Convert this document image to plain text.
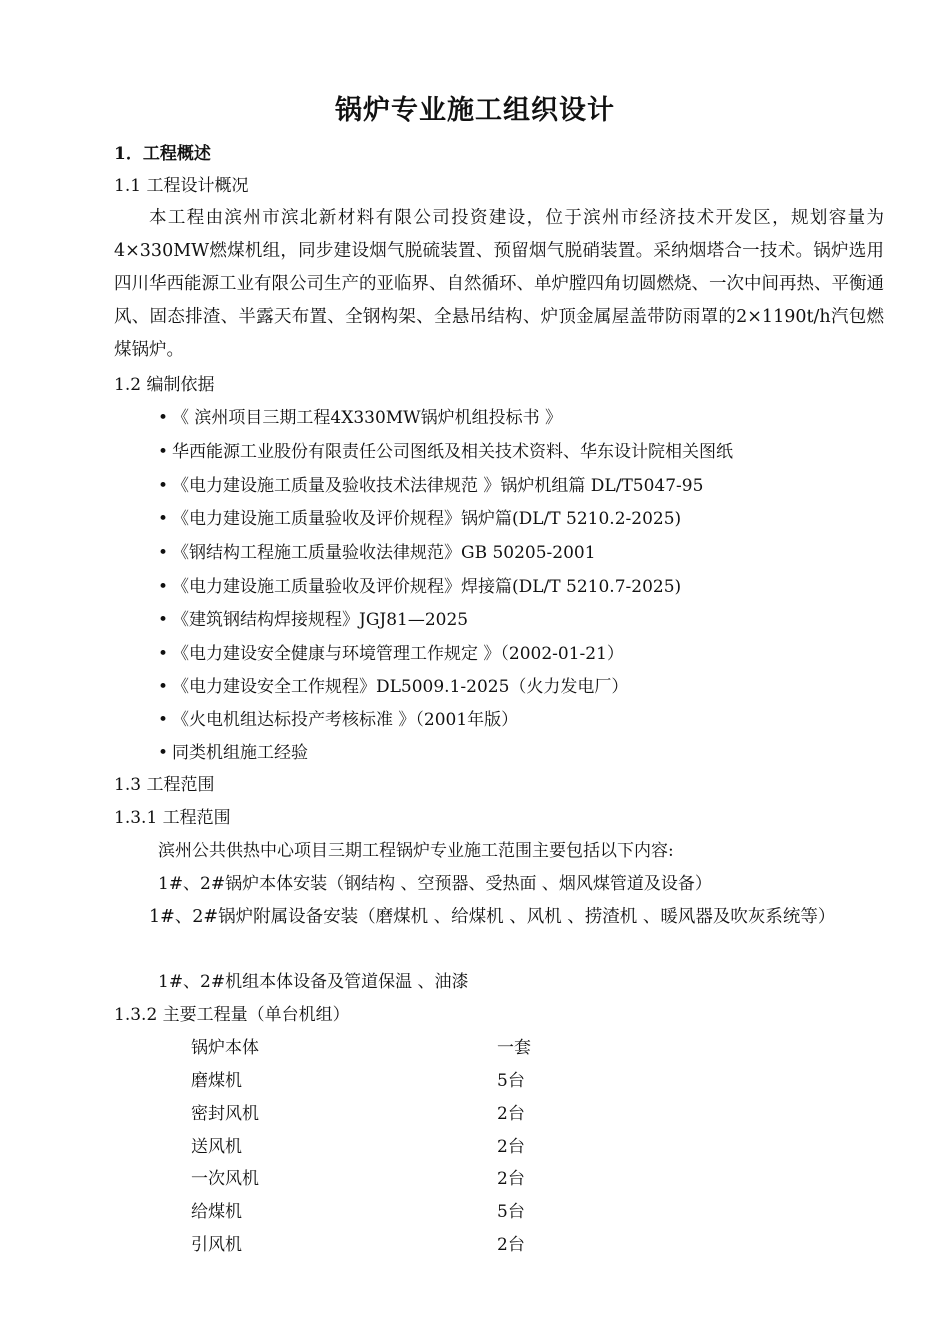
锅炉专业施工组织设计
1．工程概述
1.1 工程设计概况
本工程由滨州市滨北新材料有限公司投资建设，位于滨州市经济技术开发区，规划容量为4×330MW燃煤机组，同步建设烟气脱硫装置、预留烟气脱硝装置。采纳烟塔合一技术。锅炉选用四川华西能源工业有限公司生产的亚临界、自然循环、单炉膛四角切圆燃烧、一次中间再热、平衡通风、固态排渣、半露天布置、全钢构架、全悬吊结构、炉顶金属屋盖带防雨罩的2×1190t/h汽包燃煤锅炉。
1.2 编制依据
• 《 滨州项目三期工程4X330MW锅炉机组投标书 》
• 华西能源工业股份有限责任公司图纸及相关技术资料、华东设计院相关图纸
• 《电力建设施工质量及验收技术法律规范 》锅炉机组篇 DL/T5047-95
• 《电力建设施工质量验收及评价规程》锅炉篇(DL/T 5210.2-2025)
• 《钢结构工程施工质量验收法律规范》GB 50205-2001
• 《电力建设施工质量验收及评价规程》焊接篇(DL/T 5210.7-2025)
• 《建筑钢结构焊接规程》JGJ81—2025
• 《电力建设安全健康与环境管理工作规定 》（2002-01-21）
• 《电力建设安全工作规程》DL5009.1-2025（火力发电厂）
• 《火电机组达标投产考核标准 》（2001年版）
• 同类机组施工经验
1.3 工程范围
1.3.1 工程范围
滨州公共供热中心项目三期工程锅炉专业施工范围主要包括以下内容:
1#、2#锅炉本体安装（钢结构 、空预器、受热面 、烟风煤管道及设备）
1#、2#锅炉附属设备安装（磨煤机 、给煤机 、风机 、捞渣机 、暖风器及吹灰系统等）
1#、2#机组本体设备及管道保温 、油漆
1.3.2 主要工程量（单台机组）
锅炉本体	一套
磨煤机	5台
密封风机	2台
送风机	2台
一次风机	2台
给煤机	5台
引风机	2台
